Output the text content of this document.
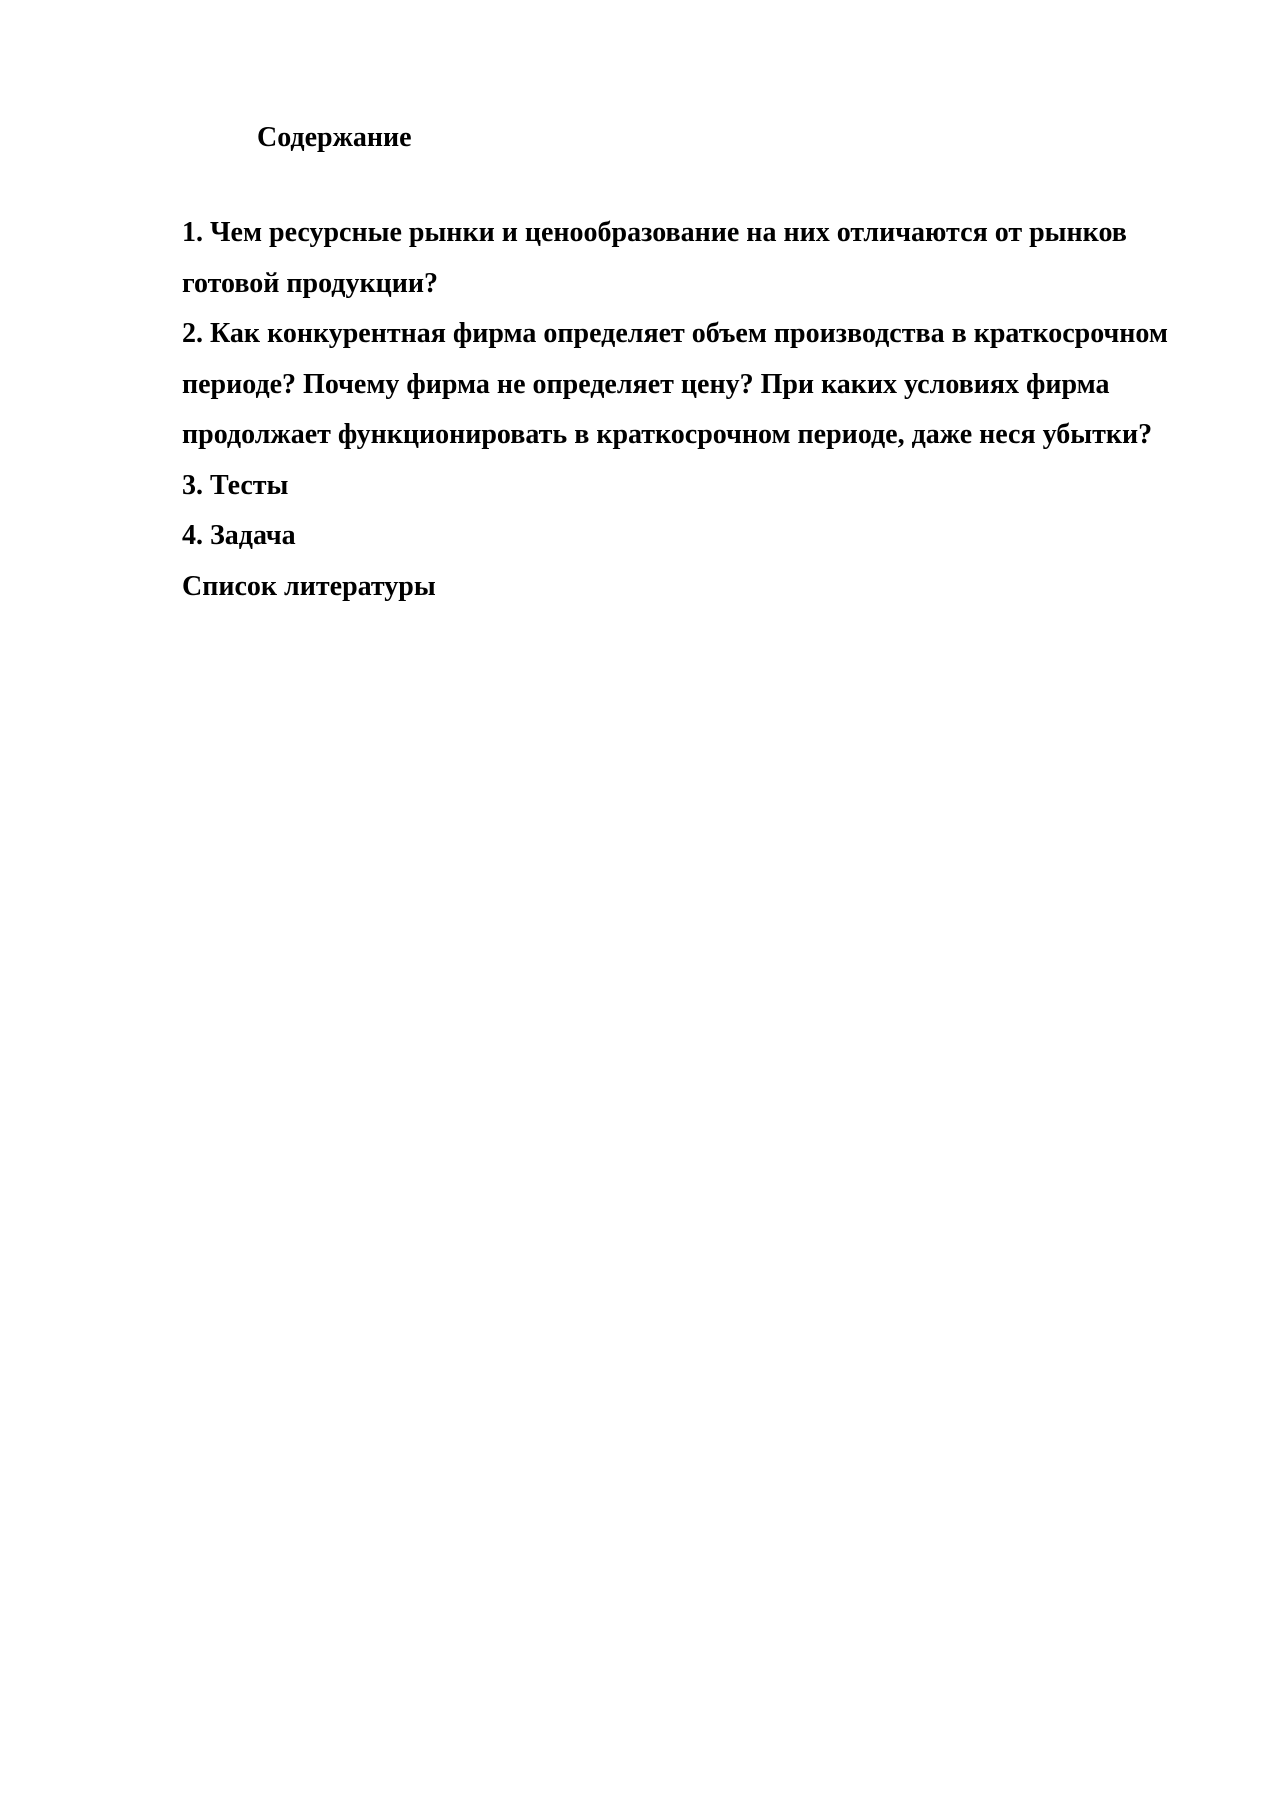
Содержание
1. Чем ресурсные рынки и ценообразование на них отличаются от рынков готовой продукции?
2. Как конкурентная фирма определяет объем производства в краткосрочном периоде? Почему фирма не определяет цену? При каких условиях фирма продолжает функционировать в краткосрочном периоде, даже неся убытки?
3. Тесты
4. Задача
Список литературы
